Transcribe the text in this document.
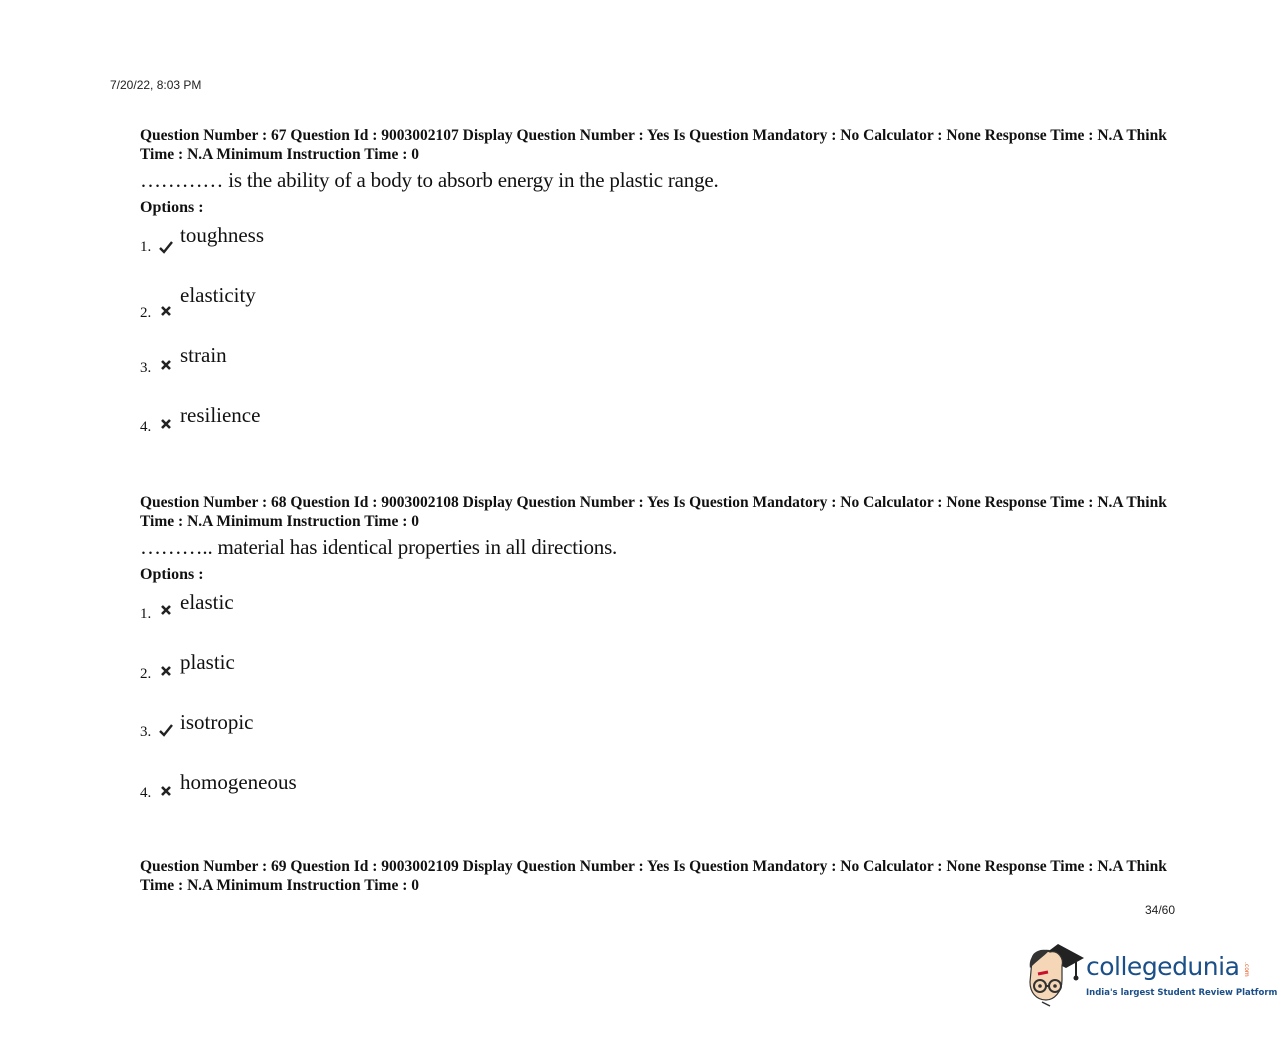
7/20/22, 8:03 PM
Question Number : 67 Question Id : 9003002107 Display Question Number : Yes Is Question Mandatory : No Calculator : None Response Time : N.A Think Time : N.A Minimum Instruction Time : 0
………… is the ability of a body to absorb energy in the plastic range.
Options :
1. toughness
2.
elasticity
3.
strain
4. resilience
Question Number : 68 Question Id : 9003002108 Display Question Number : Yes Is Question Mandatory : No Calculator : None Response Time : N.A Think Time : N.A Minimum Instruction Time : 0
……….. material has identical properties in all directions.
Options :
1. elastic
2. plastic
3. isotropic
4. homogeneous
Question Number : 69 Question Id : 9003002109 Display Question Number : Yes Is Question Mandatory : No Calculator : None Response Time : N.A Think Time : N.A Minimum Instruction Time : 0
34/60
collegedunia .com
India's largest Student Review Platform
